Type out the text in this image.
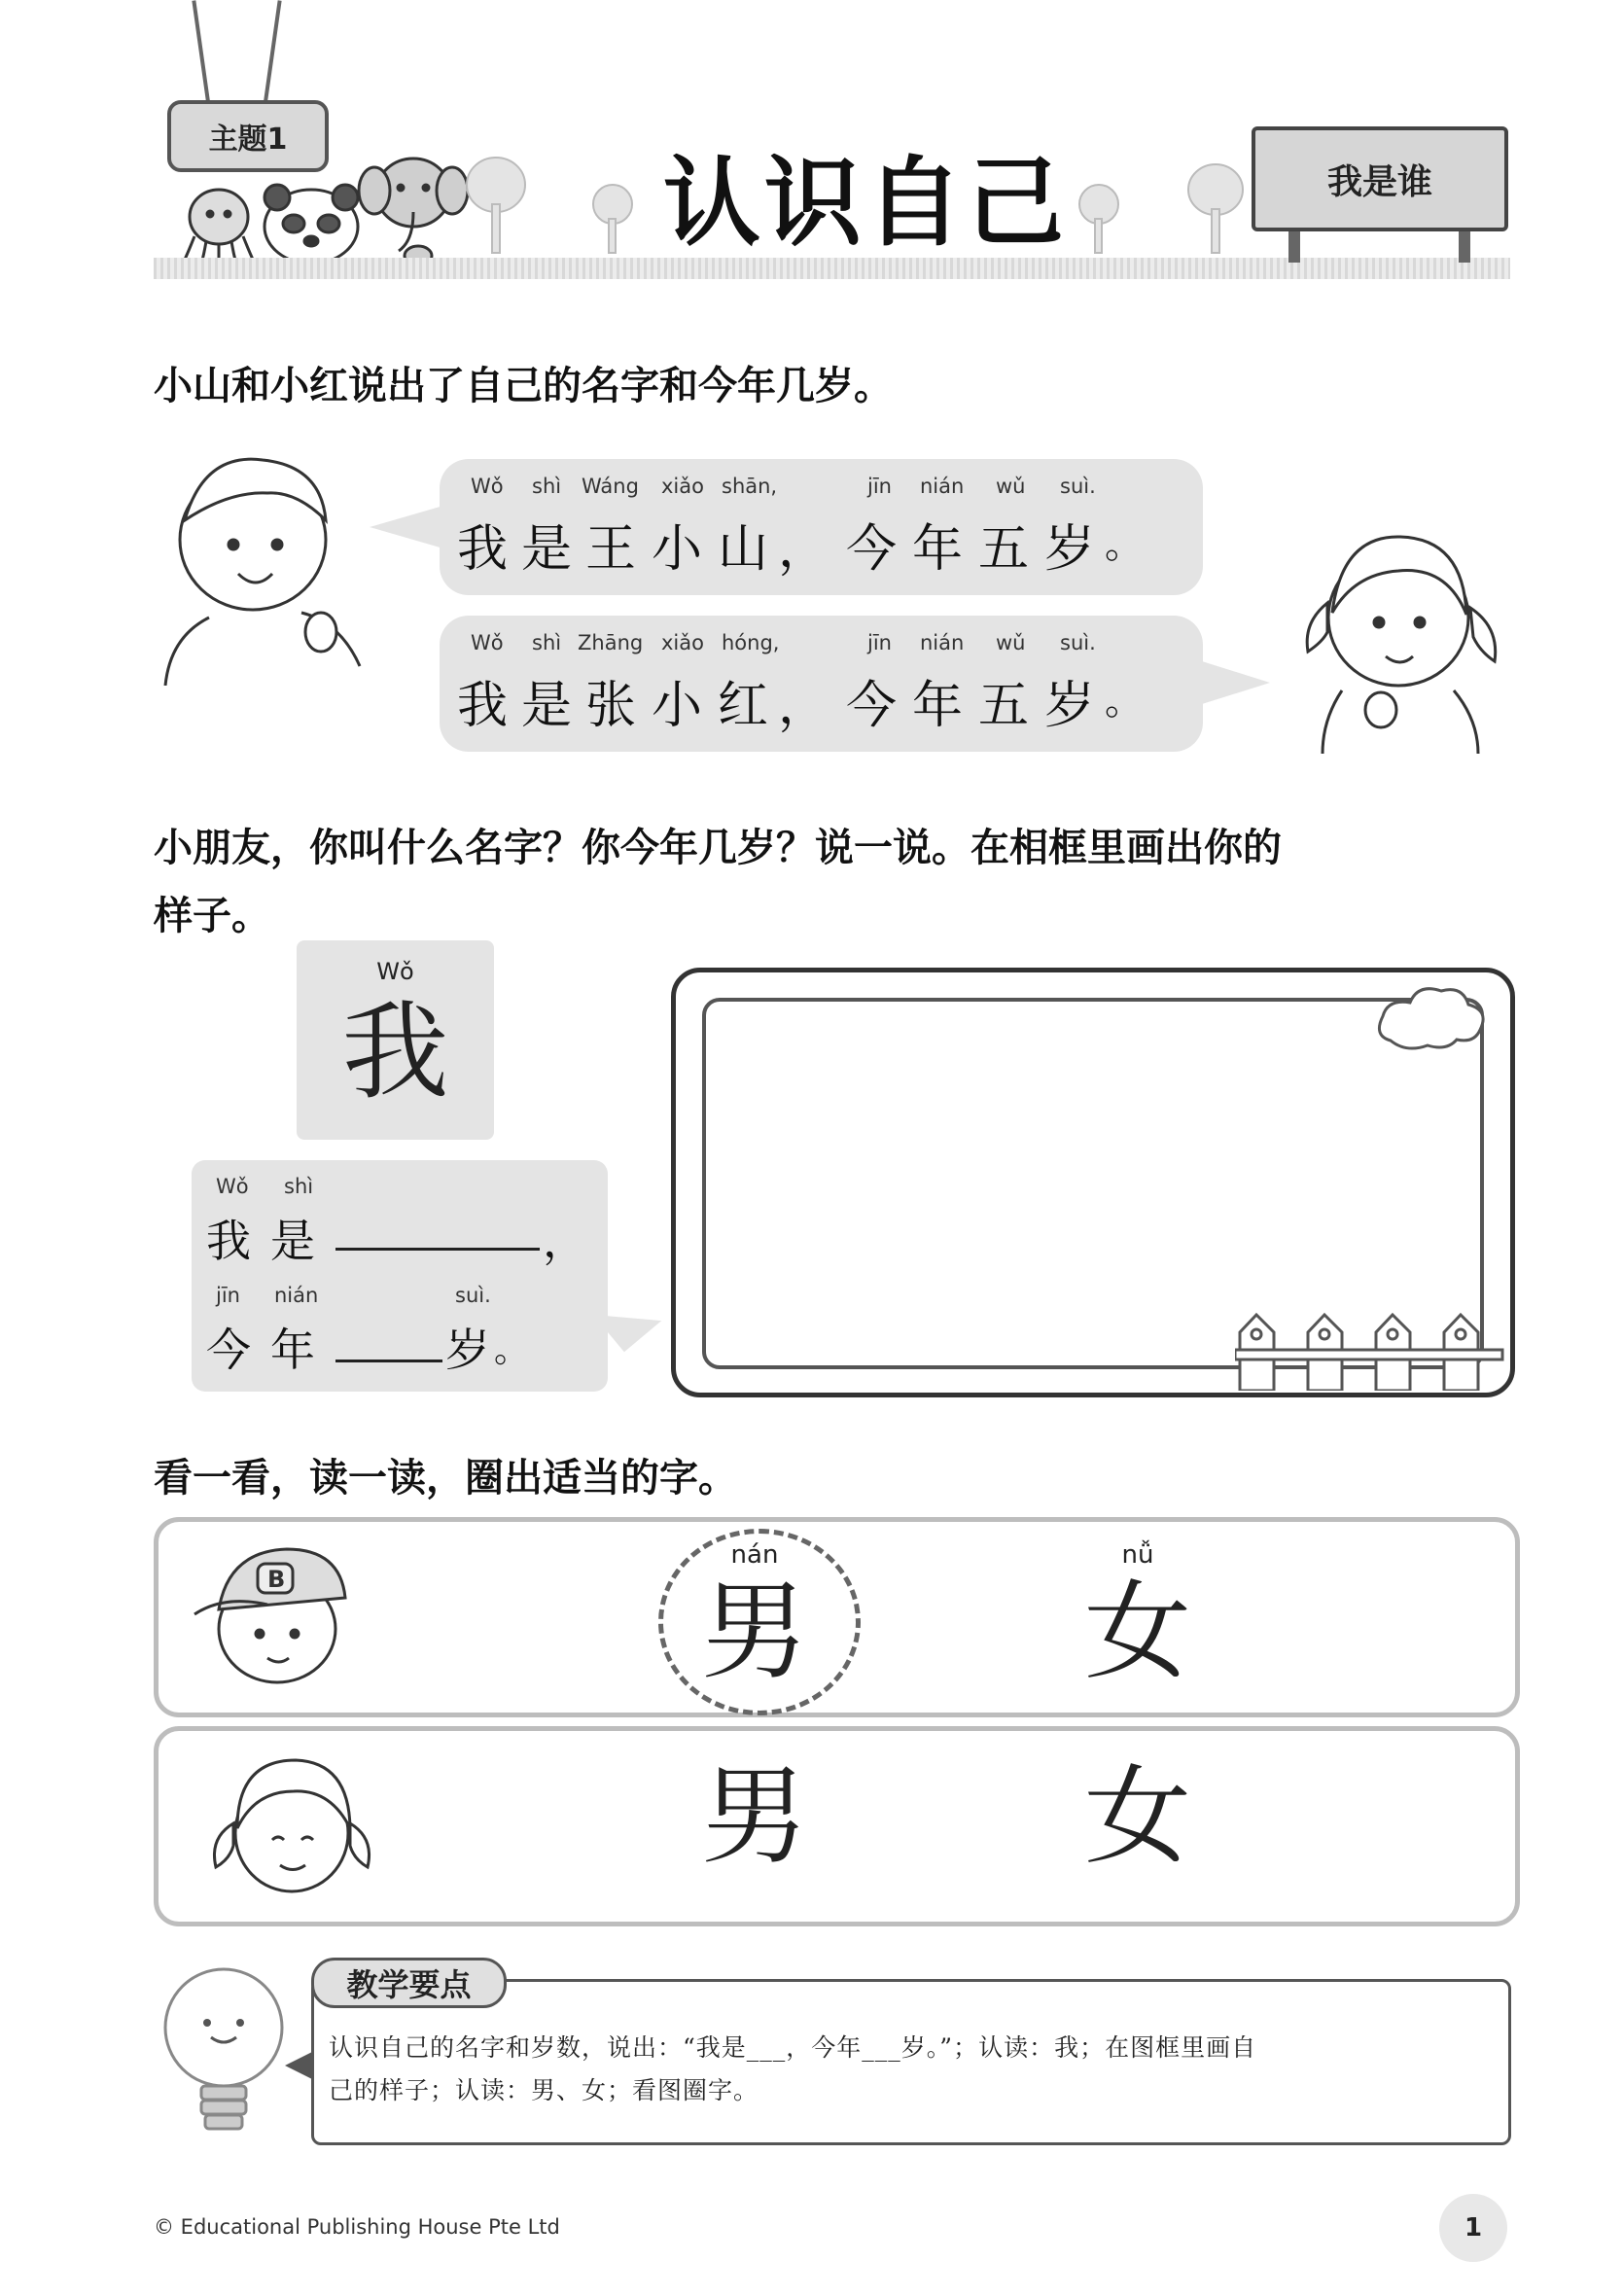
主题1
认识自己	我是谁
小山和小红说出了自己的名字和今年几岁。
Wǒ shì Wáng xiǎo shān,	jīn nián wǔ suì.
我 是 王 小 山 ， 今 年 五 岁 。
Wǒ shì Zhāng xiǎo hóng,	jīn nián wǔ suì.
我 是 张 小 红 ， 今 年 五 岁 。
小朋友，你叫什么名字？你今年几岁？说一说。在相框里画出你的
样子。
Wǒ
我
Wǒ shì
我 是	，
jīn nián	suì.
今 年	岁 。
看一看，读一读，圈出适当的字。
B
nán
男
nǚ
女
男	女
教学要点
认识自己的名字和岁数，说出：“我是___，今年___岁。”；认读：我；在图框里画自
己的样子；认读：男、女；看图圈字。
© Educational Publishing House Pte Ltd	1
